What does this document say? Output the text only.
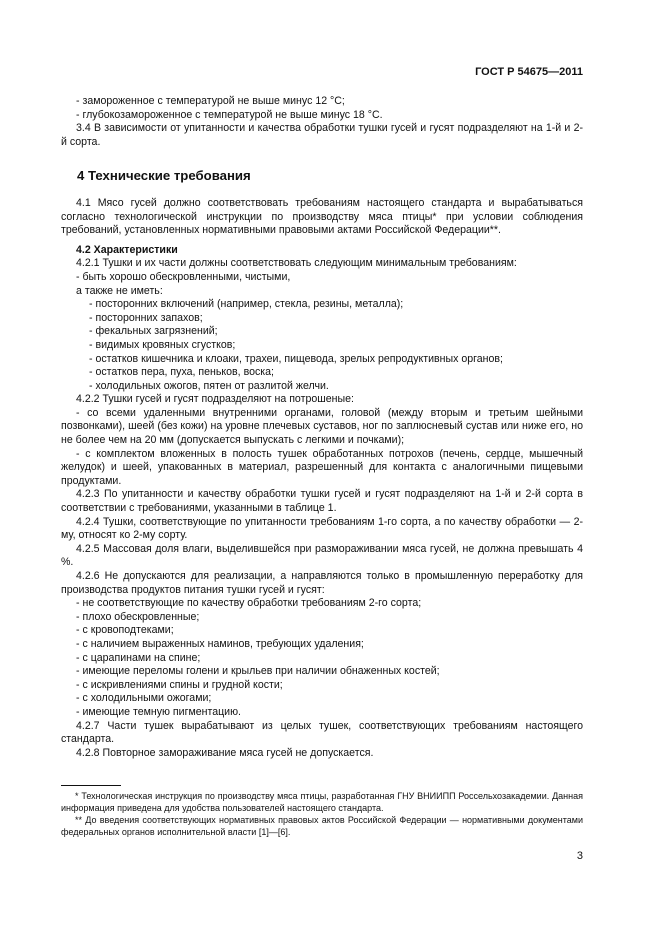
ГОСТ Р 54675—2011

- замороженное с температурой не выше минус 12 °С;

- глубокозамороженное с температурой не выше минус 18 °С.

3.4 В зависимости от упитанности и качества обработки тушки гусей и гусят подразделяют на 1-й и 2-й сорта.

4 Технические требования

4.1 Мясо гусей должно соответствовать требованиям настоящего стандарта и вырабатываться согласно технологической инструкции по производству мяса птицы* при условии соблюдения требований, установленных нормативными правовыми актами Российской Федерации**.

4.2 Характеристики

4.2.1 Тушки и их части должны соответствовать следующим минимальным требованиям:

- быть хорошо обескровленными, чистыми,

а также не иметь:

- посторонних включений (например, стекла, резины, металла);

- посторонних запахов;

- фекальных загрязнений;

- видимых кровяных сгустков;

- остатков кишечника и клоаки, трахеи, пищевода, зрелых репродуктивных органов;

- остатков пера, пуха, пеньков, воска;

- холодильных ожогов, пятен от разлитой желчи.

4.2.2 Тушки гусей и гусят подразделяют на потрошеные:

- со всеми удаленными внутренними органами, головой (между вторым и третьим шейными позвонками), шеей (без кожи) на уровне плечевых суставов, ног по заплюсневый сустав или ниже его, но не более чем на 20 мм (допускается выпускать с легкими и почками);

- с комплектом вложенных в полость тушек обработанных потрохов (печень, сердце, мышечный желудок) и шеей, упакованных в материал, разрешенный для контакта с аналогичными пищевыми продуктами.

4.2.3 По упитанности и качеству обработки тушки гусей и гусят подразделяют на 1-й и 2-й сорта в соответствии с требованиями, указанными в таблице 1.

4.2.4 Тушки, соответствующие по упитанности требованиям 1-го сорта, а по качеству обработки — 2-му, относят ко 2-му сорту.

4.2.5 Массовая доля влаги, выделившейся при размораживании мяса гусей, не должна превышать 4 %.

4.2.6 Не допускаются для реализации, а направляются только в промышленную переработку для производства продуктов питания тушки гусей и гусят:

- не соответствующие по качеству обработки требованиям 2-го сорта;

- плохо обескровленные;

- с кровоподтеками;

- с наличием выраженных наминов, требующих удаления;

- с царапинами на спине;

- имеющие переломы голени и крыльев при наличии обнаженных костей;

- с искривлениями спины и грудной кости;

- с холодильными ожогами;

- имеющие темную пигментацию.

4.2.7 Части тушек вырабатывают из целых тушек, соответствующих требованиям настоящего стандарта.

4.2.8 Повторное замораживание мяса гусей не допускается.

* Технологическая инструкция по производству мяса птицы, разработанная ГНУ ВНИИПП Россельхозакадемии. Данная информация приведена для удобства пользователей настоящего стандарта.

** До введения соответствующих нормативных правовых актов Российской Федерации — нормативными документами федеральных органов исполнительной власти [1]—[6].

3
